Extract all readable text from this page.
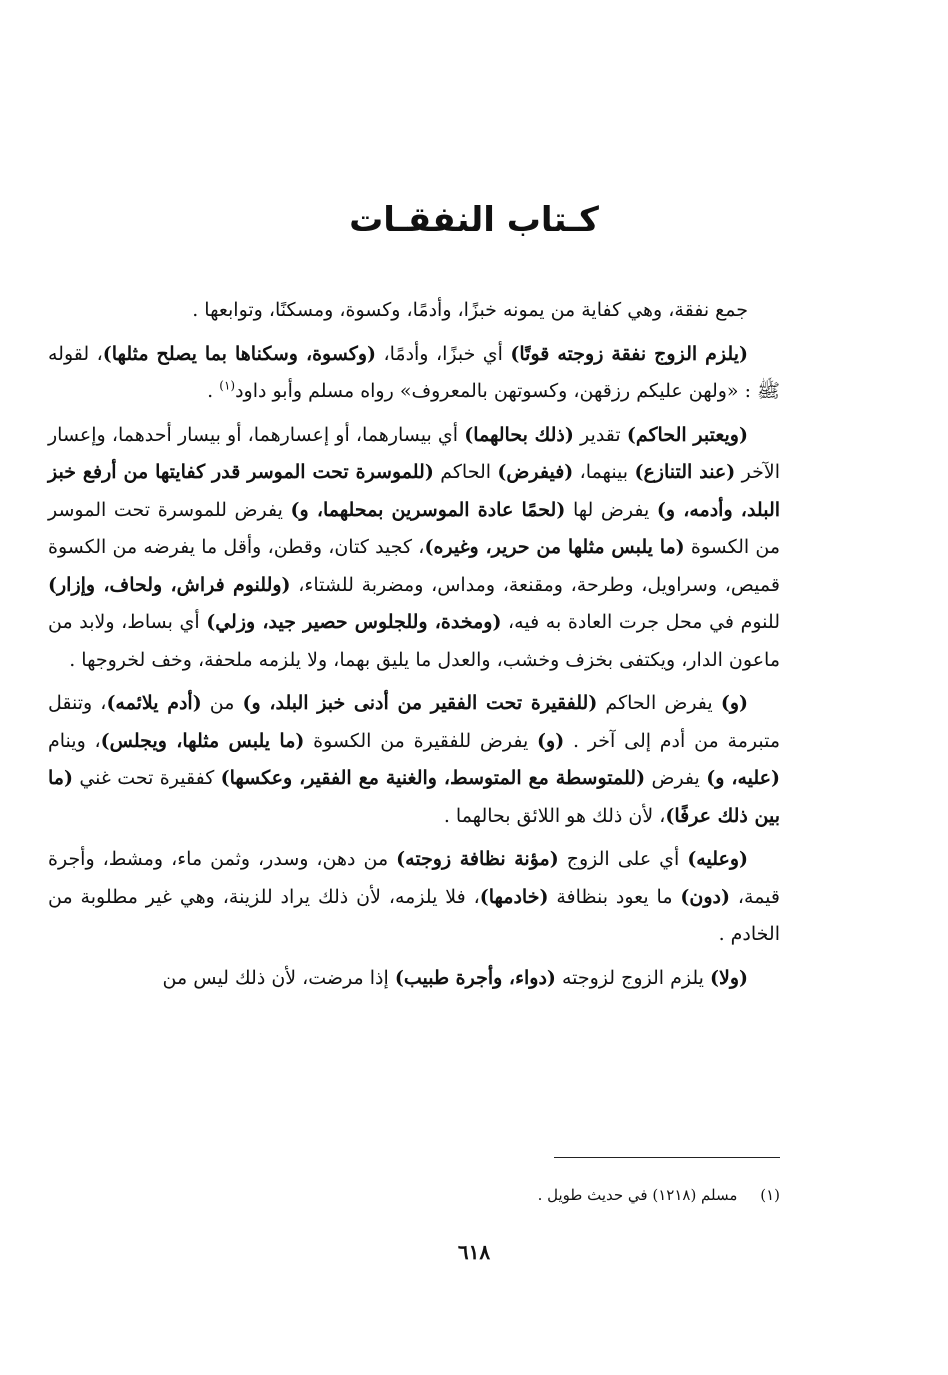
كـتاب النفقـات

جمع نفقة، وهي كفاية من يمونه خبزًا، وأدمًا، وكسوة، ومسكنًا، وتوابعها .

(يلزم الزوج نفقة زوجته قوتًا) أي خبزًا، وأدمًا، (وكسوة، وسكناها بما يصلح مثلها)، لقوله ﷺ : «ولهن عليكم رزقهن، وكسوتهن بالمعروف» رواه مسلم وأبو داود$^{(١)}$ .

(ويعتبر الحاكم) تقدير (ذلك بحالهما) أي بيسارهما، أو إعسارهما، أو بيسار أحدهما، وإعسار الآخر (عند التنازع) بينهما، (فيفرض) الحاكم (للموسرة تحت الموسر قدر كفايتها من أرفع خبز البلد، وأدمه، و) يفرض لها (لحمًا عادة الموسرين بمحلهما، و) يفرض للموسرة تحت الموسر من الكسوة (ما يلبس مثلها من حرير، وغيره)، كجيد كتان، وقطن، وأقل ما يفرضه من الكسوة قميص، وسراويل، وطرحة، ومقنعة، ومداس، ومضربة للشتاء، (وللنوم فراش، ولحاف، وإزار) للنوم في محل جرت العادة به فيه، (ومخدة، وللجلوس حصير جيد، وزلي) أي بساط، ولابد من ماعون الدار، ويكتفى بخزف وخشب، والعدل ما يليق بهما، ولا يلزمه ملحفة، وخف لخروجها .

(و) يفرض الحاكم (للفقيرة تحت الفقير من أدنى خبز البلد، و) من (أدم يلائمه)، وتنقل متبرمة من أدم إلى آخر . (و) يفرض للفقيرة من الكسوة (ما يلبس مثلها، ويجلس)، وينام (عليه، و) يفرض (للمتوسطة مع المتوسط، والغنية مع الفقير، وعكسها) كفقيرة تحت غني (ما بين ذلك عرفًا)، لأن ذلك هو اللائق بحالهما .

(وعليه) أي على الزوج (مؤنة نظافة زوجته) من دهن، وسدر، وثمن ماء، ومشط، وأجرة قيمة، (دون) ما يعود بنظافة (خادمها)، فلا يلزمه، لأن ذلك يراد للزينة، وهي غير مطلوبة من الخادم .

(ولا) يلزم الزوج لزوجته (دواء، وأجرة طبيب) إذا مرضت، لأن ذلك ليس من

(١) مسلم (١٢١٨) في حديث طويل .
٦١٨
